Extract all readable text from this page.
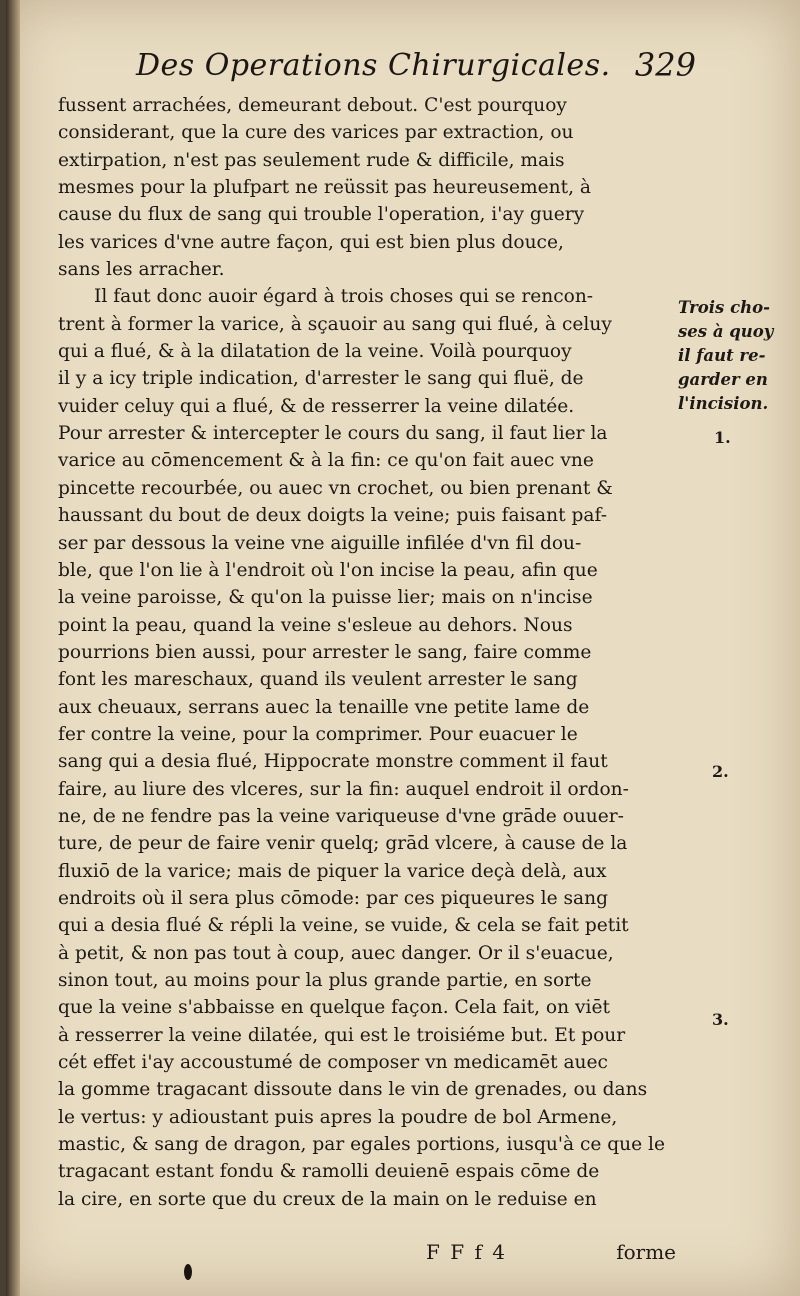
Des Operations Chirurgicales. 329
fussent arrachées, demeurant debout. C'est pourquoy
considerant, que la cure des varices par extraction, ou
extirpation, n'est pas seulement rude & difficile, mais
mesmes pour la plufpart ne reüssit pas heureusement, à
cause du flux de sang qui trouble l'operation, i'ay guery
les varices d'vne autre façon, qui est bien plus douce,
sans les arracher.
Il faut donc auoir égard à trois choses qui se rencon-
trent à former la varice, à sçauoir au sang qui flué, à celuy
qui a flué, & à la dilatation de la veine. Voilà pourquoy
il y a icy triple indication, d'arrester le sang qui fluë, de
vuider celuy qui a flué, & de resserrer la veine dilatée.
Pour arrester & intercepter le cours du sang, il faut lier la
varice au cōmencement & à la fin: ce qu'on fait auec vne
pincette recourbée, ou auec vn crochet, ou bien prenant &
haussant du bout de deux doigts la veine; puis faisant paf-
ser par dessous la veine vne aiguille infilée d'vn fil dou-
ble, que l'on lie à l'endroit où l'on incise la peau, afin que
la veine paroisse, & qu'on la puisse lier; mais on n'incise
point la peau, quand la veine s'esleue au dehors. Nous
pourrions bien aussi, pour arrester le sang, faire comme
font les mareschaux, quand ils veulent arrester le sang
aux cheuaux, serrans auec la tenaille vne petite lame de
fer contre la veine, pour la comprimer. Pour euacuer le
sang qui a desia flué, Hippocrate monstre comment il faut
faire, au liure des vlceres, sur la fin: auquel endroit il ordon-
ne, de ne fendre pas la veine variqueuse d'vne grāde ouuer-
ture, de peur de faire venir quelq; grād vlcere, à cause de la
fluxiō de la varice; mais de piquer la varice deçà delà, aux
endroits où il sera plus cōmode: par ces piqueures le sang
qui a desia flué & répli la veine, se vuide, & cela se fait petit
à petit, & non pas tout à coup, auec danger. Or il s'euacue,
sinon tout, au moins pour la plus grande partie, en sorte
que la veine s'abbaisse en quelque façon. Cela fait, on viēt
à resserrer la veine dilatée, qui est le troisiéme but. Et pour
cét effet i'ay accoustumé de composer vn medicamēt auec
la gomme tragacant dissoute dans le vin de grenades, ou dans
le vertus: y adioustant puis apres la poudre de bol Armene,
mastic, & sang de dragon, par egales portions, iusqu'à ce que le
tragacant estant fondu & ramolli deuienē espais cōme de
la cire, en sorte que du creux de la main on le reduise en
Trois cho-
ses à quoy
il faut re-
garder en
l'incision.
1.
2.
3.
F F f 4	forme
